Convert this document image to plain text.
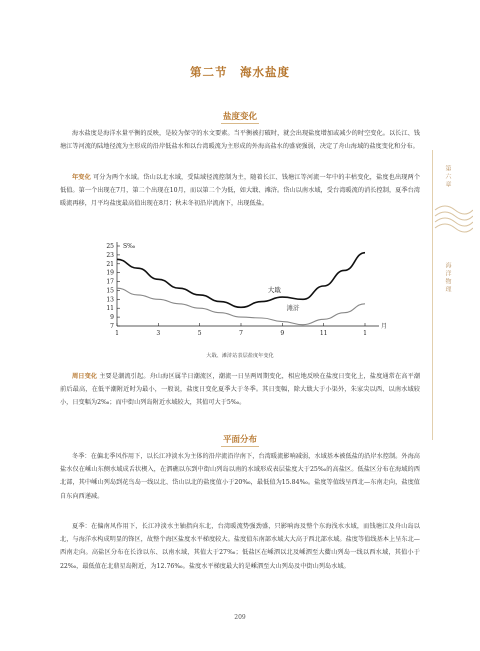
第二节　海水盐度
盐度变化
海水盐度是海洋水量平衡的反映，是较为保守的水文要素。当平衡被打破时，就会出现盐度增加或减少的时空变化。以长江、钱塘江等河流的陆地径流为主形成的沿岸低盐水和以台湾暖流为主形成的外海高盐水的盛衰强弱，决定了舟山海域的盐度变化和分布。
年变化 可分为两个水域。岱山以北水域，受陆域径流控制为主，随着长江、钱塘江等河流一年中的丰枯变化，盐度也出现两个低值。第一个出现在7月，第二个出现在10月，而以第二个为低，如大戢、滩浒。岱山以南水域，受台湾暖流的消长控制，夏季台湾暖流再移，月平均盐度最高值出现在8月；秋未冬初沿岸流南下，出现低盐。
7
9
11
13
15
17
19
21
23
25 S‰
1	3	5	7	9	11	1
月
大戢
滩浒
大戢、滩浒站表层盐度年变化
周日变化 主要是潮流引起。舟山海区属半日潮流区，潮流一日呈两周期变化，相应地反映在盐度日变化上，盐度通常在高平潮前后最高，在低平潮附近时为最小，一般说，盐度日变化夏季大于冬季。其日变幅，除大戢大于小渠外，朱家尖以西、以南水域较小，日变幅为2‰；而中街山列岛附近水域较大，其值可大于5‰。
平面分布
冬季：在偏北季风作用下，以长江冲淡水为主体的沿岸流沿岸南下，台湾暖流影响减弱，水域基本被低盐的沿岸水控制。外海高盐水仅在嵊山东侧水域成舌状楔入，在泗礁以东到中街山列岛以南的水域形成表层盐度大于25‰的高盐区。低盐区分布在海域的西北部，其中嵊山列岛到花鸟岛一线以北、岱山以北的盐度值小于20‰，最低值为15.84‰。盐度等值线呈西北—东南走向，盐度值自东向西递减。
夏季：在偏南风作用下，长江冲淡水主轴指向东北，台湾暖流势强劲盛，只影响海及整个东海浅水水域，而钱塘江及舟山岛以北，与海洋水构成明显的锋区，故整个海区盐度水平梯度较大。盐度值东南部水域大大高于西北部水域。盐度等值线基本上呈东北—西南走向。高盐区分布在长涂以东、以南水域，其值大于27‰；低盐区在嵊泗以北及嵊泗至大衢山列岛一线以西水域，其值小于22‰，最低值在北鼎星岛附近，为12.76‰。盐度水平梯度最大的是嵊泗至大山列岛及中街山列岛水域。
第六章
海洋物理
209
